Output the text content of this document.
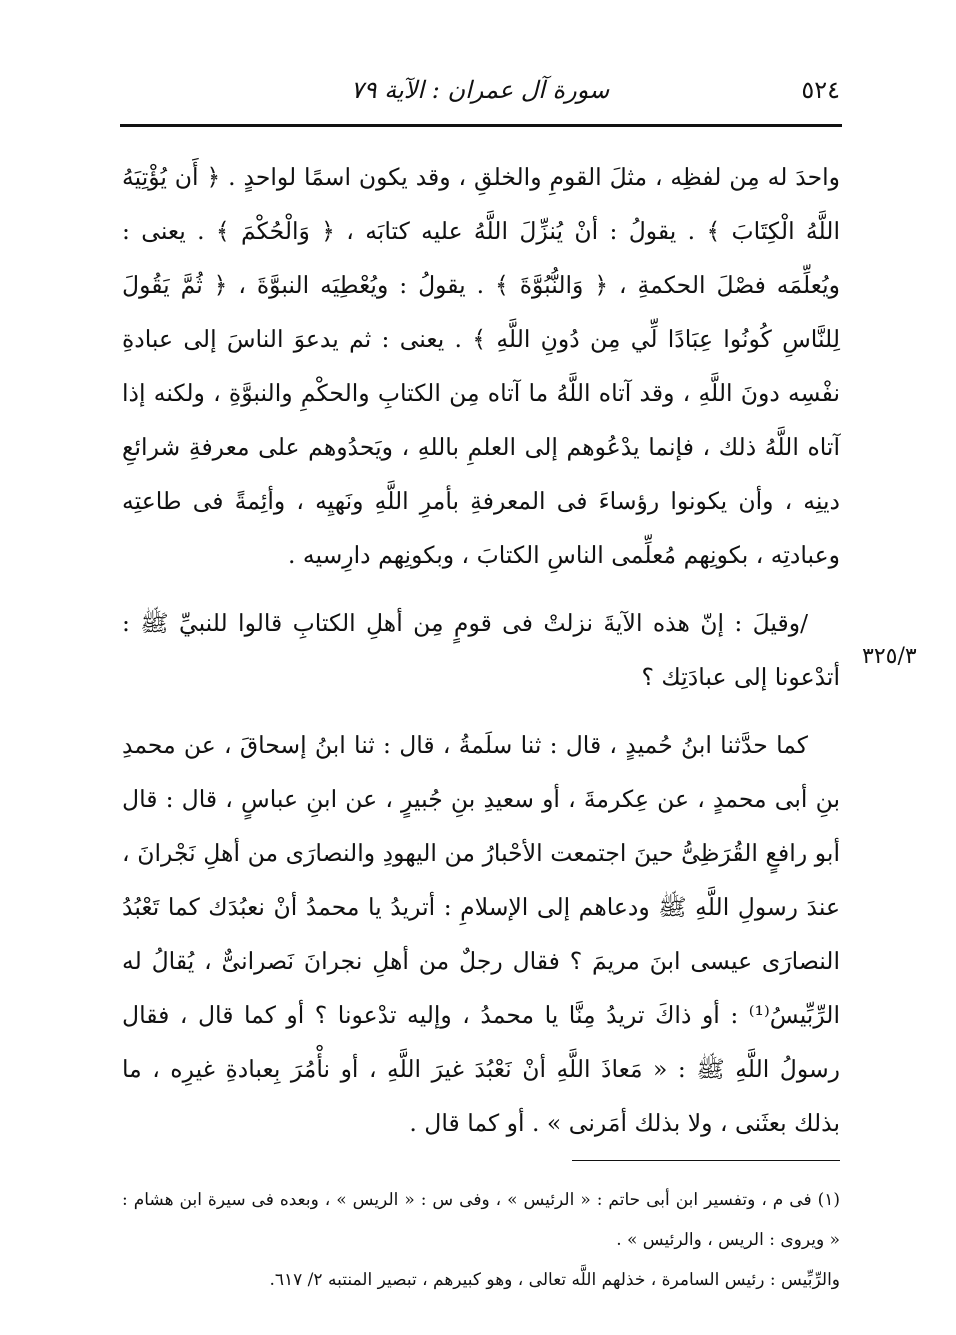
٥٢٤
سورة آل عمران : الآية ٧٩

واحدَ له مِن لفظِه ، مثلَ القومِ والخلقِ ، وقد يكون اسمًا لواحدٍ . ﴿ أَن يُؤْتِيَهُ اللَّهُ الْكِتَابَ ﴾ . يقولُ : أنْ يُنزِّلَ اللَّهُ عليه كتابَه ، ﴿ وَالْحُكْمَ ﴾ . يعنى : ويُعلِّمَه فصْلَ الحكمةِ ، ﴿ وَالنُّبُوَّةَ ﴾ . يقولُ : ويُعْطِيَه النبوَّةَ ، ﴿ ثُمَّ يَقُولَ لِلنَّاسِ كُونُوا عِبَادًا لِّي مِن دُونِ اللَّهِ ﴾ . يعنى : ثم يدعوَ الناسَ إلى عبادةِ نفْسِه دونَ اللَّهِ ، وقد آتاه اللَّهُ ما آتاه مِن الكتابِ والحكْمِ والنبوَّةِ ، ولكنه إذا آتاه اللَّهُ ذلك ، فإنما يدْعُوهم إلى العلمِ باللهِ ، ويَحدُوهم على معرفةِ شرائعِ دينِه ، وأن يكونوا رؤساءَ فى المعرفةِ بأمرِ اللَّهِ ونَهيِه ، وأئِمةً فى طاعتِه وعبادتِه ، بكونِهم مُعلِّمى الناسِ الكتابَ ، وبكونِهم دارِسيه .

/وقيلَ : إنّ هذه الآيةَ نزلتْ فى قومٍ مِن أهلِ الكتابِ قالوا للنبيِّ ﷺ : أتدْعونا إلى عبادَتِك ؟

كما حدَّثنا ابنُ حُميدٍ ، قال : ثنا سلَمةُ ، قال : ثنا ابنُ إسحاقَ ، عن محمدِ بنِ أبى محمدٍ ، عن عِكرمةَ ، أو سعيدِ بنِ جُبيرٍ ، عن ابنِ عباسٍ ، قال : قال أبو رافعٍ القُرَظِىُّ حينَ اجتمعت الأحْبارُ من اليهودِ والنصارَى من أهلِ نَجْرانَ ، عندَ رسولِ اللَّهِ ﷺ ودعاهم إلى الإسلامِ : أتريدُ يا محمدُ أنْ نعبُدَك كما تَعْبُدُ النصارَى عيسى ابنَ مريمَ ؟ فقال رجلٌ من أهلِ نجرانَ نَصرانىٌّ ، يُقالُ له الرِّبِّيسُ⁽¹⁾ : أو ذاكَ تريدُ مِنَّا يا محمدُ ، وإليه تدْعونا ؟ أو كما قال ، فقال رسولُ اللَّهِ ﷺ : « مَعاذَ اللَّهِ أنْ نَعْبُدَ غيرَ اللَّهِ ، أو نأْمُرَ بِعبادةِ غيرِه ، ما بذلك بعثَنى ، ولا بذلك أمَرنى » . أو كما قال .

٣٢٥/٣

(١) فى م ، وتفسير ابن أبى حاتم : « الرئيس » ، وفى س : « الريس » ، وبعده فى سيرة ابن هشام : « ويروى : الريس ، والرئيس » .

والرِّبِّيس : رئيس السامرة ، خذلهم اللَّه تعالى ، وهو كبيرهم ، تبصير المنتبه ٢/ ٦١٧.
